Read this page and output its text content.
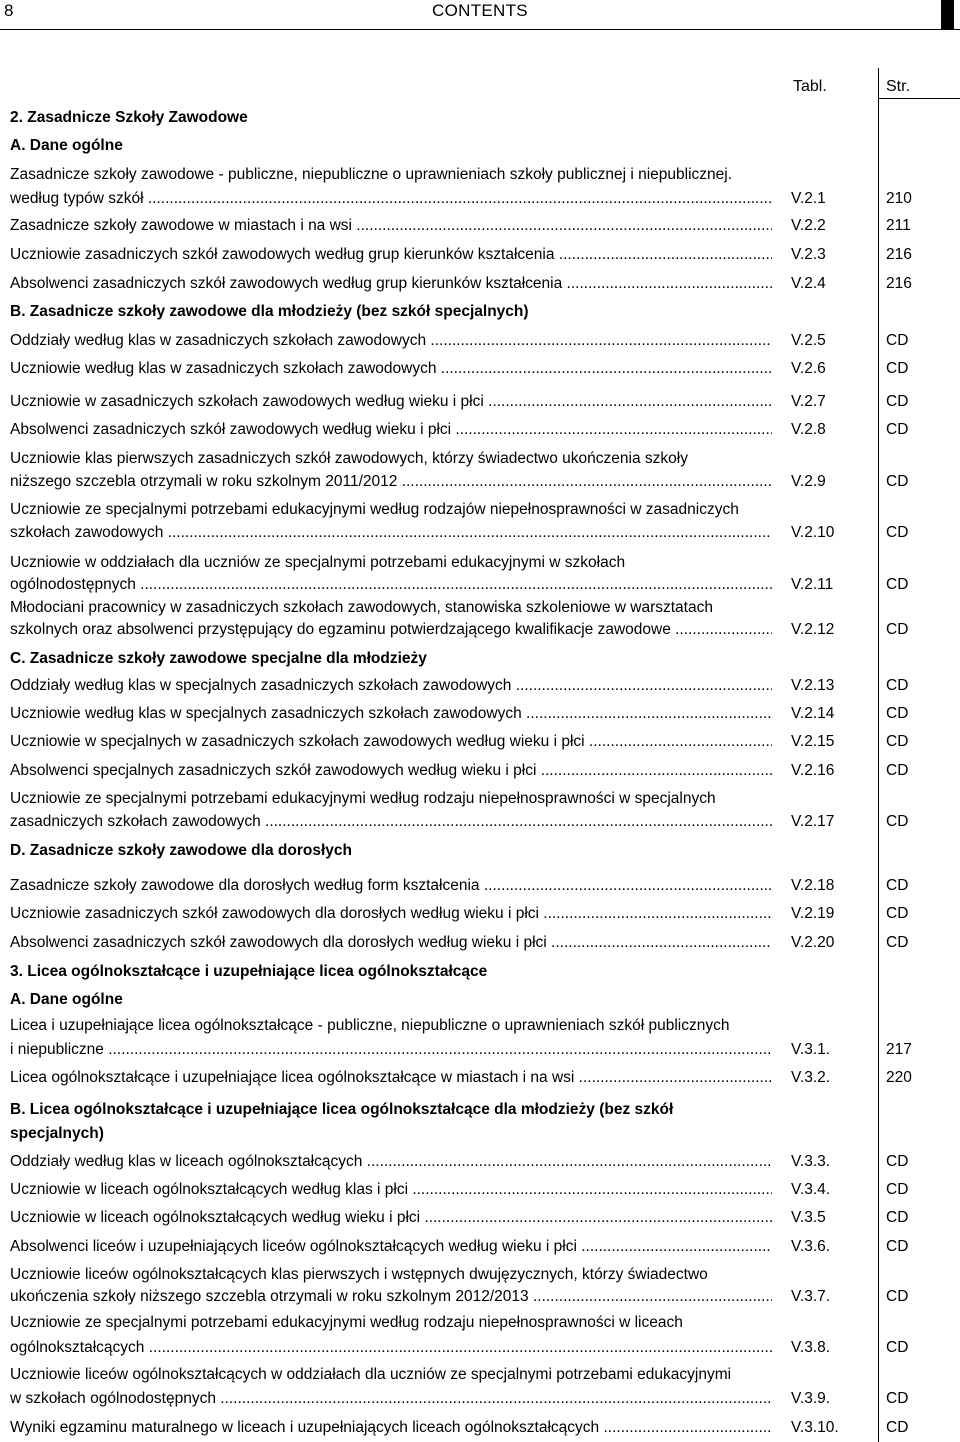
8	CONTENTS
Tabl.	Str.
2. Zasadnicze Szkoły Zawodowe
A. Dane ogólne
Zasadnicze szkoły zawodowe - publiczne, niepubliczne o uprawnieniach szkoły publicznej i niepublicznej.
według typów szkół .....	V.2.1	210
Zasadnicze szkoły zawodowe w miastach i na wsi .....	V.2.2	211
Uczniowie zasadniczych szkół zawodowych według grup kierunków kształcenia .....	V.2.3	216
Absolwenci zasadniczych szkół zawodowych według grup kierunków kształcenia .....	V.2.4	216
B. Zasadnicze szkoły zawodowe dla młodzieży (bez szkół specjalnych)
Oddziały według klas w zasadniczych szkołach zawodowych .....	V.2.5	CD
Uczniowie według klas w zasadniczych szkołach zawodowych .....	V.2.6	CD
Uczniowie w zasadniczych szkołach zawodowych według wieku i płci .....	V.2.7	CD
Absolwenci zasadniczych szkół zawodowych według wieku i płci .....	V.2.8	CD
Uczniowie klas pierwszych zasadniczych szkół zawodowych, którzy świadectwo ukończenia szkoły
niższego szczebla otrzymali w roku szkolnym 2011/2012 .....	V.2.9	CD
Uczniowie ze specjalnymi potrzebami edukacyjnymi według rodzajów niepełnosprawności w zasadniczych
szkołach zawodowych .....	V.2.10	CD
Uczniowie w oddziałach dla uczniów ze specjalnymi potrzebami edukacyjnymi w szkołach
ogólnodostępnych .....	V.2.11	CD
Młodociani pracownicy w zasadniczych szkołach zawodowych, stanowiska szkoleniowe w warsztatach
szkolnych oraz absolwenci przystępujący do egzaminu potwierdzającego kwalifikacje zawodowe .....	V.2.12	CD
C. Zasadnicze szkoły zawodowe specjalne dla młodzieży
Oddziały według klas w specjalnych zasadniczych szkołach zawodowych .....	V.2.13	CD
Uczniowie według klas w specjalnych zasadniczych szkołach zawodowych .....	V.2.14	CD
Uczniowie w specjalnych w zasadniczych szkołach zawodowych według wieku i płci .....	V.2.15	CD
Absolwenci specjalnych zasadniczych szkół zawodowych według wieku i płci .....	V.2.16	CD
Uczniowie ze specjalnymi potrzebami edukacyjnymi według rodzaju niepełnosprawności w specjalnych
zasadniczych szkołach zawodowych .....	V.2.17	CD
D. Zasadnicze szkoły zawodowe dla dorosłych
Zasadnicze szkoły zawodowe dla dorosłych według form kształcenia .....	V.2.18	CD
Uczniowie zasadniczych szkół zawodowych dla dorosłych według wieku i płci .....	V.2.19	CD
Absolwenci zasadniczych szkół zawodowych dla dorosłych według wieku i płci .....	V.2.20	CD
3. Licea ogólnokształcące i uzupełniające licea ogólnokształcące
A. Dane ogólne
Licea i uzupełniające licea ogólnokształcące - publiczne, niepubliczne o uprawnieniach szkół publicznych
i niepubliczne .....	V.3.1.	217
Licea ogólnokształcące i uzupełniające licea ogólnokształcące w miastach i na wsi .....	V.3.2.	220
B. Licea ogólnokształcące i uzupełniające licea ogólnokształcące dla młodzieży (bez szkół
specjalnych)
Oddziały według klas w liceach ogólnokształcących .....	V.3.3.	CD
Uczniowie w liceach ogólnokształcących według klas i płci .....	V.3.4.	CD
Uczniowie w liceach ogólnokształcących według wieku i płci .....	V.3.5	CD
Absolwenci liceów i uzupełniających liceów ogólnokształcących według wieku i płci .....	V.3.6.	CD
Uczniowie liceów ogólnokształcących klas pierwszych i wstępnych dwujęzycznych, którzy świadectwo
ukończenia szkoły niższego szczebla otrzymali w roku szkolnym 2012/2013 .....	V.3.7.	CD
Uczniowie ze specjalnymi potrzebami edukacyjnymi według rodzaju niepełnosprawności w liceach
ogólnokształcących .....	V.3.8.	CD
Uczniowie liceów ogólnokształcących w oddziałach dla uczniów ze specjalnymi potrzebami edukacyjnymi
w szkołach ogólnodostępnych .....	V.3.9.	CD
Wyniki egzaminu maturalnego w liceach i uzupełniających liceach ogólnokształcących .....	V.3.10.	CD
